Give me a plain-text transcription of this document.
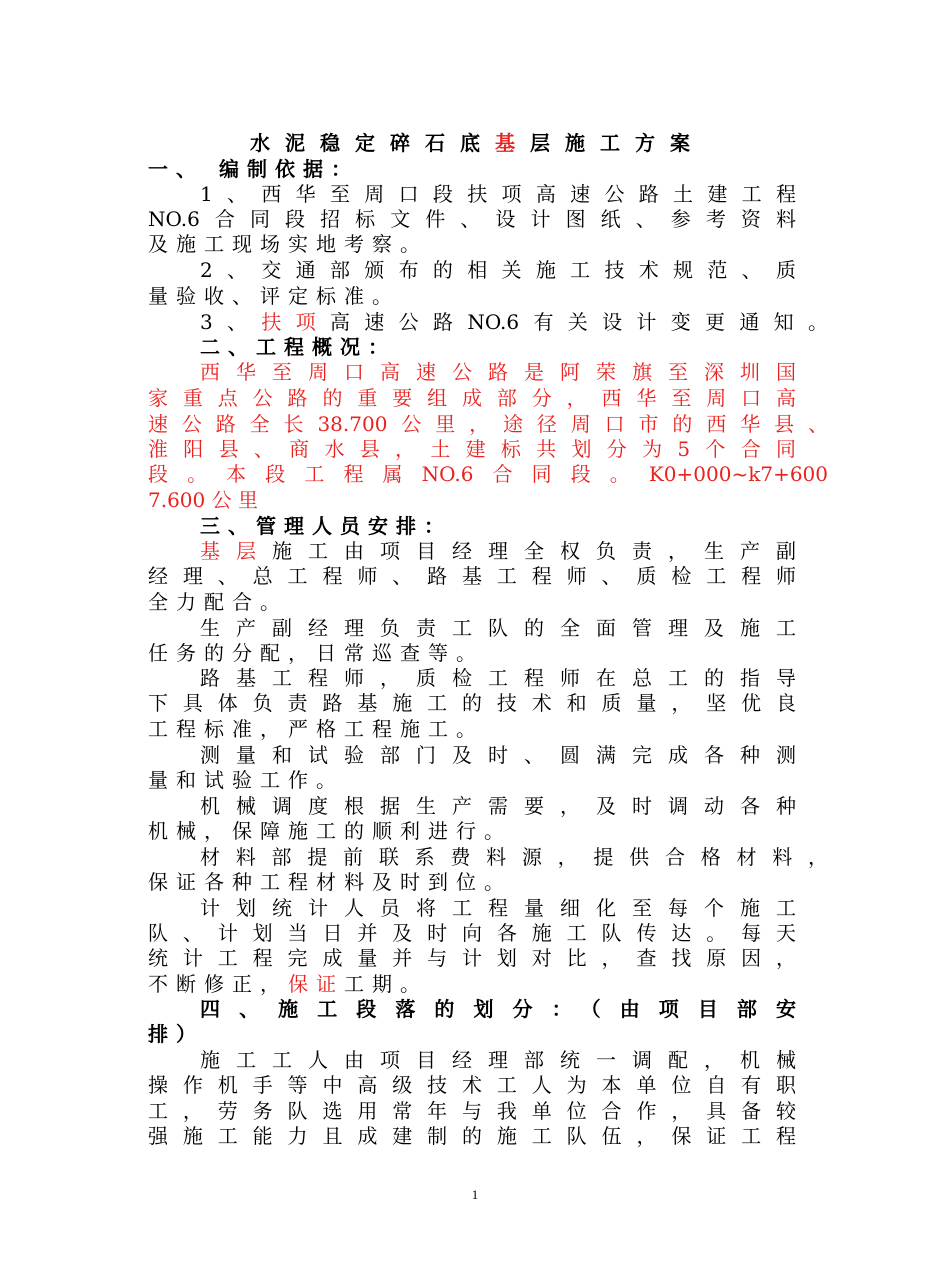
水泥稳定碎石底基层施工方案
一、 编制依据：
1、西华至周口段扶项高速公路土建工程
NO.6合同段招标文件、设计图纸、参考资料
及施工现场实地考察。
2、交通部颁布的相关施工技术规范、质
量验收、评定标准。
3、扶项高速公路NO.6有关设计变更通知。
二、工程概况：
西华至周口高速公路是阿荣旗至深圳国
家重点公路的重要组成部分，西华至周口高
速公路全长38.700公里，途径周口市的西华县、
淮阳县、商水县，土建标共划分为5个合同
段。本段工程属NO.6合同段。K0+000~k7+600
7.600 公 里
三、管理人员安排：
基层施工由项目经理全权负责，生产副
经理、总工程师、路基工程师、质检工程师
全力配合。
生产副经理负责工队的全面管理及施工
任务的分配，日常巡查等。
路基工程师，质检工程师在总工的指导
下具体负责路基施工的技术和质量，坚优良
工程标准，严格工程施工。
测量和试验部门及时、圆满完成各种测
量和试验工作。
机械调度根据生产需要，及时调动各种
机械，保障施工的顺利进行。
材料部提前联系费料源，提供合格材料，
保证各种工程材料及时到位。
计划统计人员将工程量细化至每个施工
队、计划当日并及时向各施工队传达。每天
统计工程完成量并与计划对比，查找原因，
不断修正，保证工期。
四、施工段落的划分：（由项目部安
排）
施工工人由项目经理部统一调配，机械
操作机手等中高级技术工人为本单位自有职
工，劳务队选用常年与我单位合作，具备较
强施工能力且成建制的施工队伍，保证工程
1
